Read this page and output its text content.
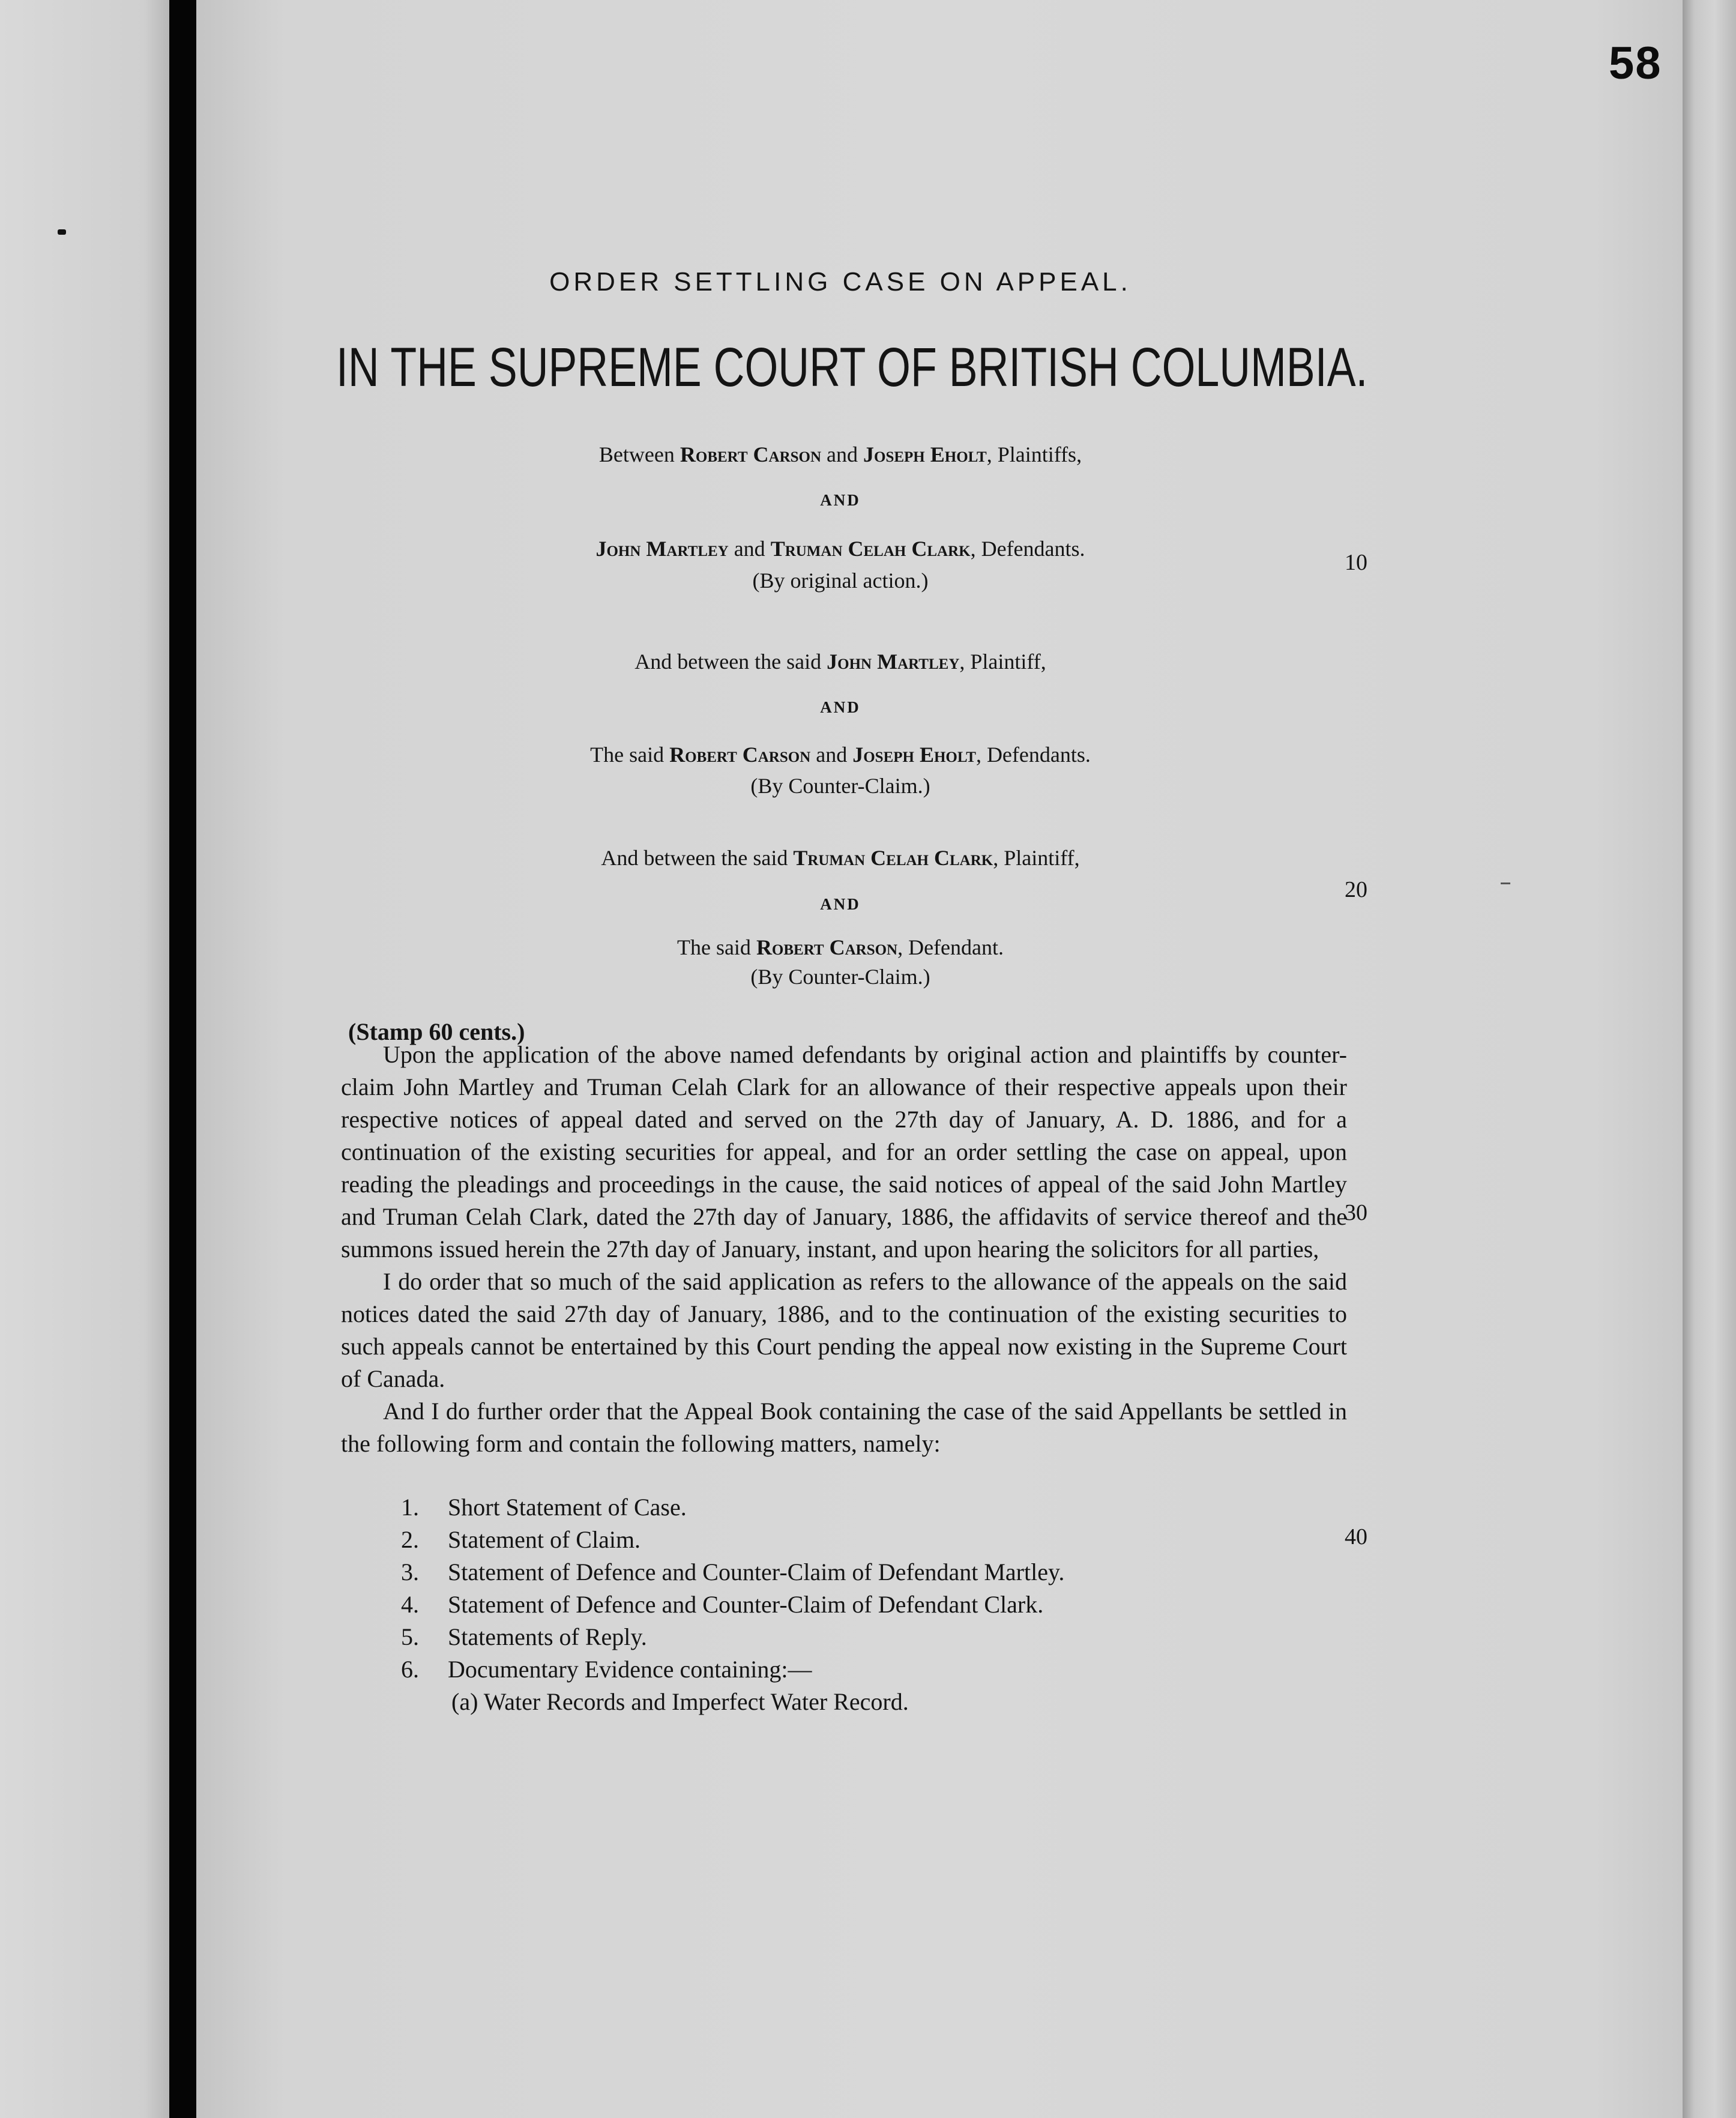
58
ORDER SETTLING CASE ON APPEAL.
IN THE SUPREME COURT OF BRITISH COLUMBIA.
Between Robert Carson and Joseph Eholt, Plaintiffs,
AND
John Martley and Truman Celah Clark, Defendants.
(By original action.)
And between the said John Martley, Plaintiff,
AND
The said Robert Carson and Joseph Eholt, Defendants.
(By Counter-Claim.)
And between the said Truman Celah Clark, Plaintiff,
AND
The said Robert Carson, Defendant.
(By Counter-Claim.)
10
20
30
40
(Stamp 60 cents.)

Upon the application of the above named defendants by original action and plaintiffs by counter-claim John Martley and Truman Celah Clark for an allowance of their respective appeals upon their respective notices of appeal dated and served on the 27th day of January, A. D. 1886, and for a continuation of the existing securities for appeal, and for an order settling the case on appeal, upon reading the pleadings and proceedings in the cause, the said notices of appeal of the said John Martley and Truman Celah Clark, dated the 27th day of January, 1886, the affidavits of service thereof and the summons issued herein the 27th day of January, instant, and upon hearing the solicitors for all parties,

I do order that so much of the said application as refers to the allowance of the appeals on the said notices dated the said 27th day of January, 1886, and to the continuation of the existing securities to such appeals cannot be entertained by this Court pending the appeal now existing in the Supreme Court of Canada.

And I do further order that the Appeal Book containing the case of the said Appellants be settled in the following form and contain the following matters, namely:

1. Short Statement of Case.
2. Statement of Claim.
3. Statement of Defence and Counter-Claim of Defendant Martley.
4. Statement of Defence and Counter-Claim of Defendant Clark.
5. Statements of Reply.
6. Documentary Evidence containing:—
(a) Water Records and Imperfect Water Record.
